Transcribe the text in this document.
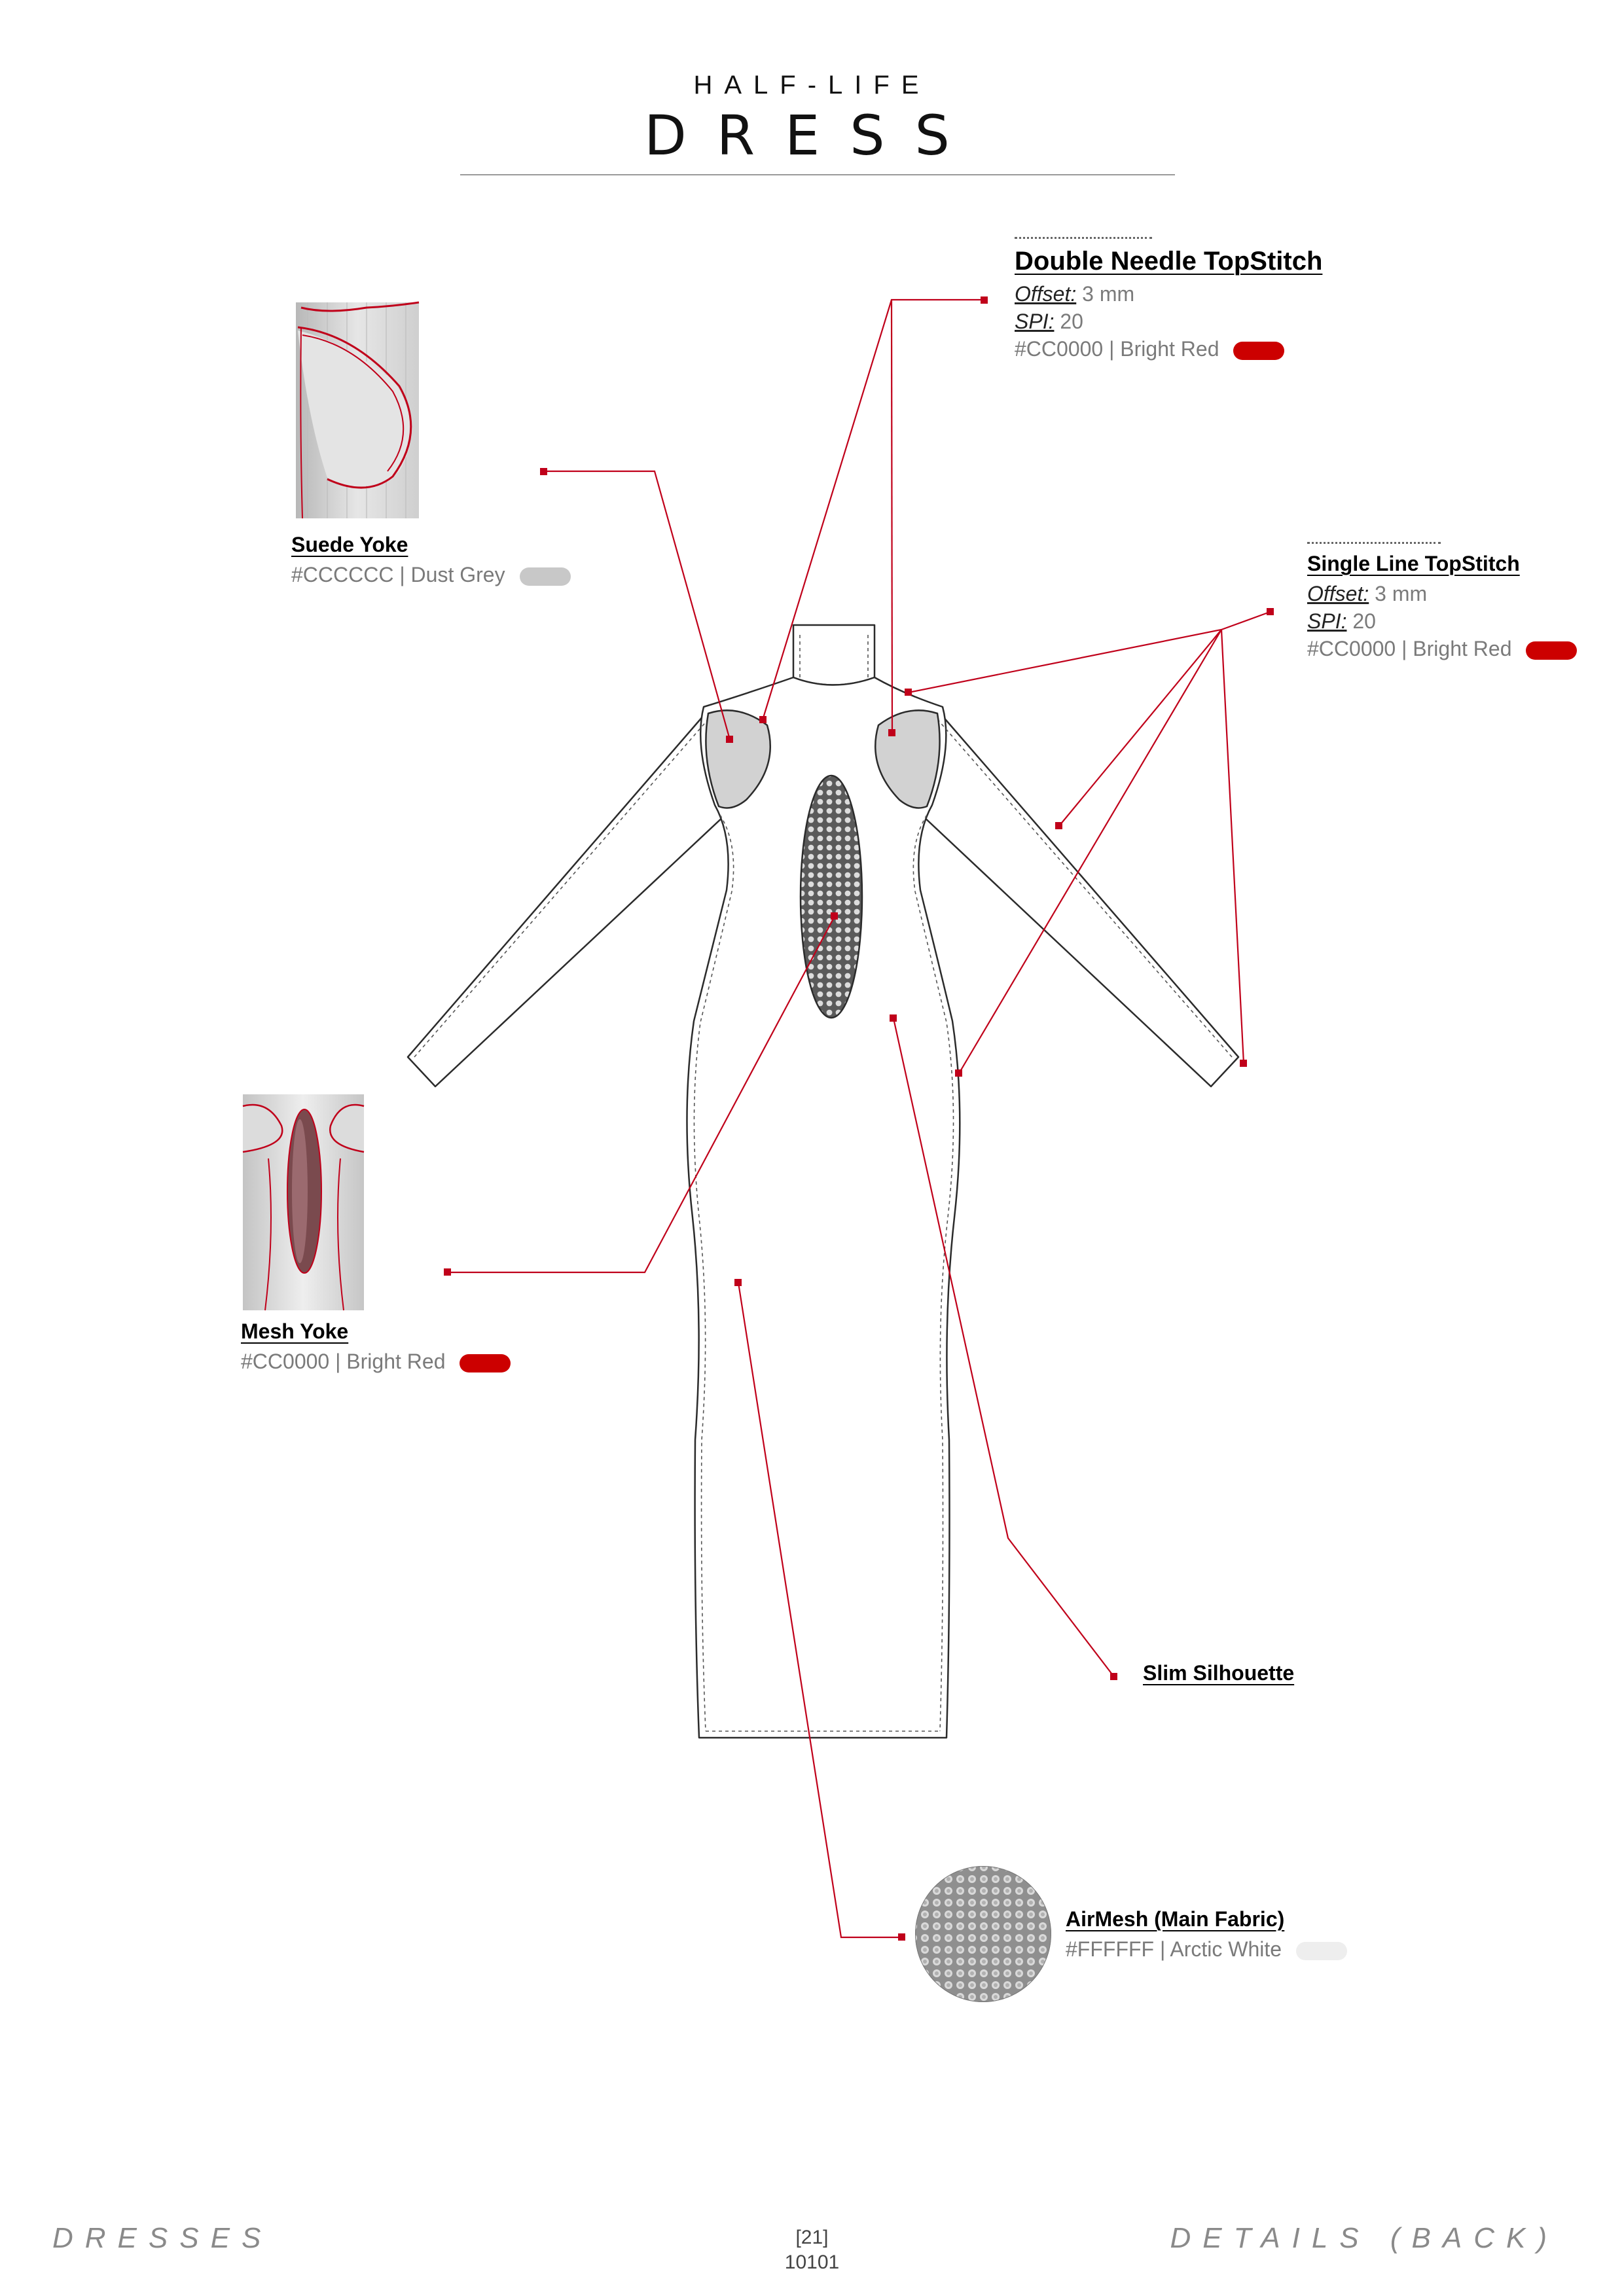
HALF-LIFE
DRESS
Double Needle TopStitch
Offset: 3 mm
SPI: 20
#CC0000 | Bright Red
Single Line TopStitch
Offset: 3 mm
SPI: 20
#CC0000 | Bright Red
Suede Yoke
#CCCCCC | Dust Grey
Mesh Yoke
#CC0000 | Bright Red
Slim Silhouette
AirMesh (Main Fabric)
#FFFFFF | Arctic White
DRESSES	[21]
10101
DETAILS (BACK)
